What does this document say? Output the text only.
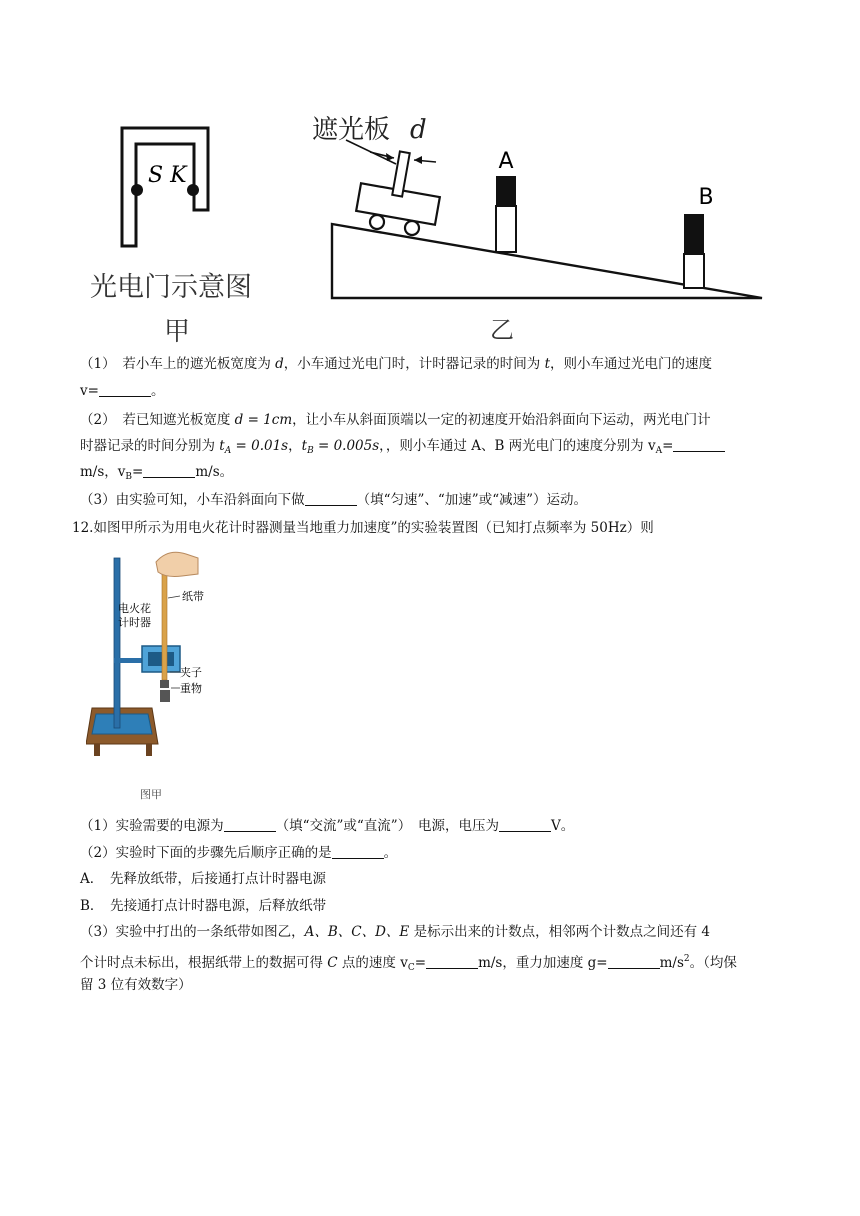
S K
光电门示意图
甲
遮光板 d
A
B
乙
（1）　若小车上的遮光板宽度为 d，小车通过光电门时，计时器记录的时间为 t，则小车通过光电门的速度
v=	。
（2）　若已知遮光板宽度 d = 1cm，让小车从斜面顶端以一定的初速度开始沿斜面向下运动，两光电门计
时器记录的时间分别为 $t_A = 0.01s$，$t_B = 0.005s$，，则小车通过 A、B 两光电门的速度分别为 $v_A=$
m/s，$v_B=$	m/s。
（3）由实验可知，小车沿斜面向下做	（填“匀速”、“加速”或“减速”）运动。
12.如图甲所示为用电火花计时器测量当地重力加速度”的实验装置图（已知打点频率为 50Hz）则
纸带
电火花
计时器
夹子
重物
图甲
（1）实验需要的电源为	（填“交流”或“直流”）　电源，电压为	V。
（2）实验时下面的步骤先后顺序正确的是	。
A．　先释放纸带，后接通打点计时器电源
B．　先接通打点计时器电源，后释放纸带
（3）实验中打出的一条纸带如图乙，A、B、C、D、E 是标示出来的计数点，相邻两个计数点之间还有 4
个计时点未标出，根据纸带上的数据可得 C 点的速度 $v_C=$	m/s，重力加速度 g=	$m/s^2$。（均保
留 3 位有效数字）
